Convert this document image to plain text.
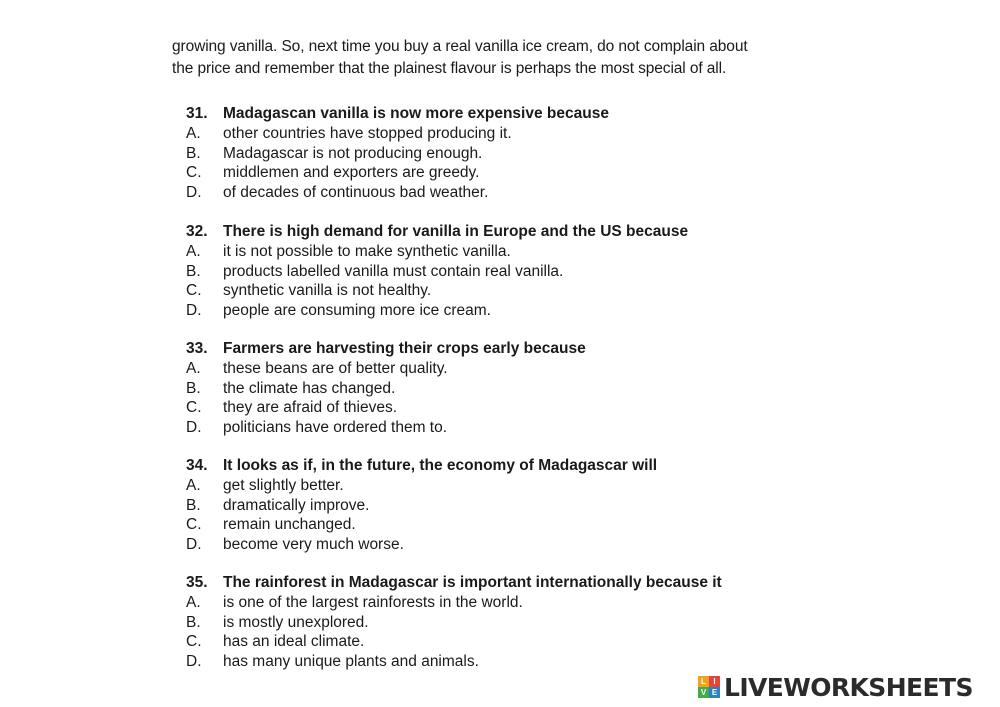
growing vanilla. So, next time you buy a real vanilla ice cream, do not complain about
the price and remember that the plainest flavour is perhaps the most special of all.
31. Madagascan vanilla is now more expensive because
A.	other countries have stopped producing it.
B.	Madagascar is not producing enough.
C.	middlemen and exporters are greedy.
D.	of decades of continuous bad weather.
32. There is high demand for vanilla in Europe and the US because
A.	it is not possible to make synthetic vanilla.
B.	products labelled vanilla must contain real vanilla.
C.	synthetic vanilla is not healthy.
D.	people are consuming more ice cream.
33. Farmers are harvesting their crops early because
A.	these beans are of better quality.
B.	the climate has changed.
C.	they are afraid of thieves.
D.	politicians have ordered them to.
34. It looks as if, in the future, the economy of Madagascar will
A.	get slightly better.
B.	dramatically improve.
C.	remain unchanged.
D.	become very much worse.
35. The rainforest in Madagascar is important internationally because it
A.	is one of the largest rainforests in the world.
B.	is mostly unexplored.
C.	has an ideal climate.
D.	has many unique plants and animals.
L I
V E LIVEWORKSHEETS
